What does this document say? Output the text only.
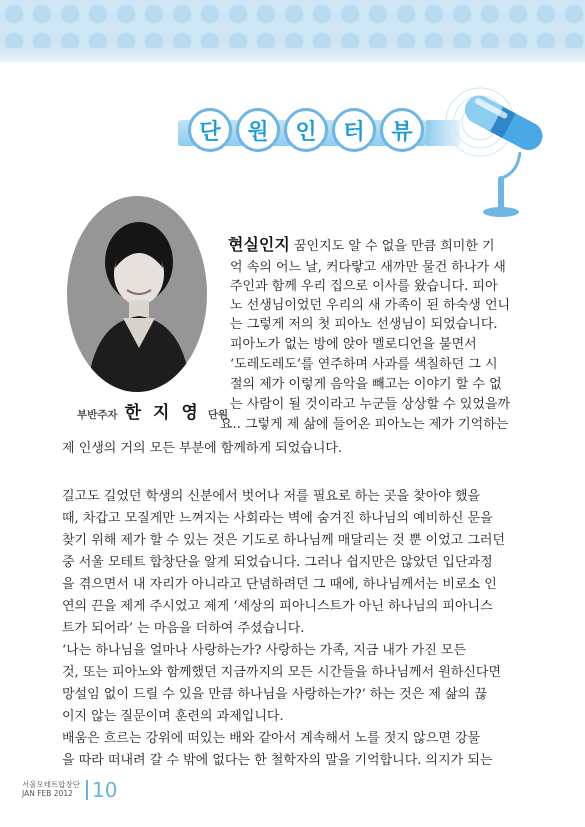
단	원	인	터	뷰
부반주자 한 지 영 단원
현실인지 꿈인지도 알 수 없을 만큼 희미한 기
억 속의 어느 날, 커다랗고 새까만 물건 하나가 새
주인과 함께 우리 집으로 이사를 왔습니다. 피아
노 선생님이었던 우리의 새 가족이 된 하숙생 언니
는 그렇게 저의 첫 피아노 선생님이 되었습니다.
피아노가 없는 방에 앉아 멜로디언을 불면서
‘도레도레도’를 연주하며 사과를 색칠하던 그 시
절의 제가 이렇게 음악을 빼고는 이야기 할 수 없
는 사람이 될 것이라고 누군들 상상할 수 있었을까
요.. 그렇게 제 삶에 들어온 피아노는 제가 기억하는
제 인생의 거의 모든 부분에 함께하게 되었습니다.
길고도 길었던 학생의 신분에서 벗어나 저를 필요로 하는 곳을 찾아야 했을
때, 차갑고 모질게만 느껴지는 사회라는 벽에 숨겨진 하나님의 예비하신 문을
찾기 위해 제가 할 수 있는 것은 기도로 하나님께 매달리는 것 뿐 이었고 그러던
중 서울 모테트 합창단을 알게 되었습니다. 그러나 쉽지만은 않았던 입단과정
을 겪으면서 내 자리가 아니라고 단념하려던 그 때에, 하나님께서는 비로소 인
연의 끈을 제게 주시었고 제게 ‘세상의 피아니스트가 아닌 하나님의 피아니스
트가 되어라’ 는 마음을 더하여 주셨습니다.
‘나는 하나님을 얼마나 사랑하는가? 사랑하는 가족, 지금 내가 가진 모든
것, 또는 피아노와 함께했던 지금까지의 모든 시간들을 하나님께서 원하신다면
망설임 없이 드릴 수 있을 만큼 하나님을 사랑하는가?’ 하는 것은 제 삶의 끊
이지 않는 질문이며 훈련의 과제입니다.
배움은 흐르는 강위에 떠있는 배와 같아서 계속해서 노를 젓지 않으면 강물
을 따라 떠내려 갈 수 밖에 없다는 한 철학자의 말을 기억합니다. 의지가 되는
서울모테트합창단
JAN FEB 2012 10
